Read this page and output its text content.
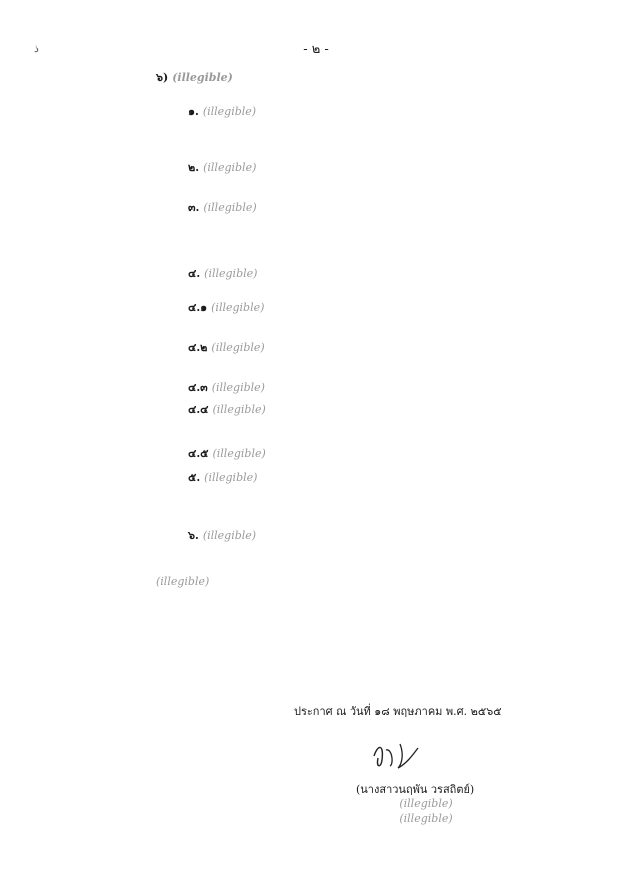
ذ	- ๒ -

๖) (illegible)

๑. (illegible)

๒. (illegible)

๓. (illegible)

๔. (illegible)

๔.๑ (illegible)

๔.๒ (illegible)

๔.๓ (illegible)

๔.๔ (illegible)

๔.๕ (illegible)

๕. (illegible)

๖. (illegible)

(illegible)

ประกาศ ณ วันที่ ๑๘ พฤษภาคม พ.ศ. ๒๕๖๕
(นางสาวนฤพัน วรสถิตย์)
(illegible)
(illegible)
